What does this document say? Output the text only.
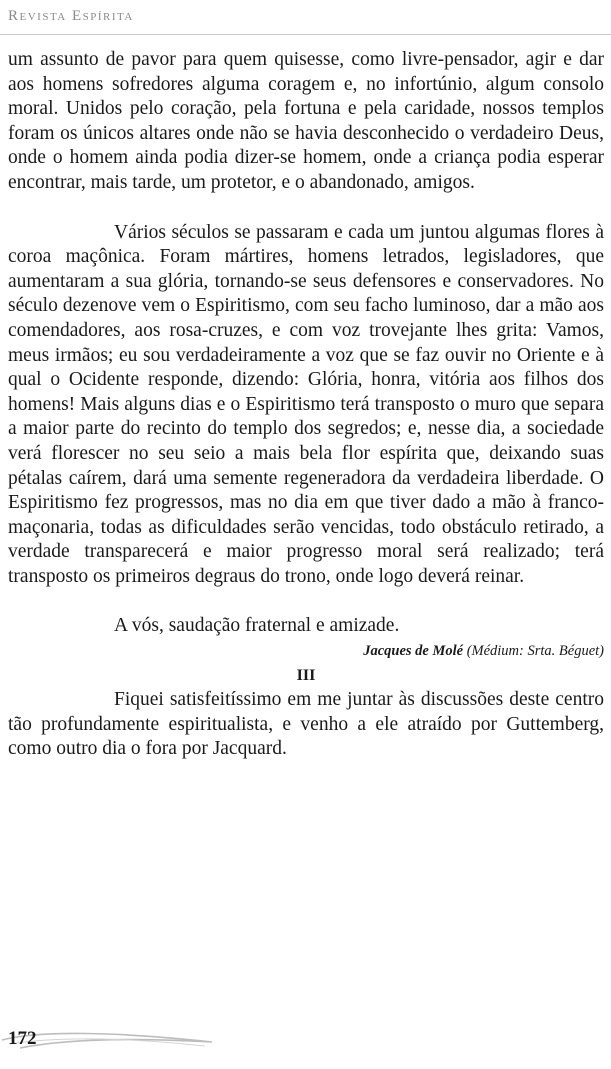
Revista Espírita

um assunto de pavor para quem quisesse, como livre-pensador, agir e dar aos homens sofredores alguma coragem e, no infortúnio, algum consolo moral. Unidos pelo coração, pela fortuna e pela caridade, nossos templos foram os únicos altares onde não se havia desconhecido o verdadeiro Deus, onde o homem ainda podia dizer-se homem, onde a criança podia esperar encontrar, mais tarde, um protetor, e o abandonado, amigos.

Vários séculos se passaram e cada um juntou algumas flores à coroa maçônica. Foram mártires, homens letrados, legisladores, que aumentaram a sua glória, tornando-se seus defensores e conservadores. No século dezenove vem o Espiritismo, com seu facho luminoso, dar a mão aos comendadores, aos rosa-cruzes, e com voz trovejante lhes grita: Vamos, meus irmãos; eu sou verdadeiramente a voz que se faz ouvir no Oriente e à qual o Ocidente responde, dizendo: Glória, honra, vitória aos filhos dos homens! Mais alguns dias e o Espiritismo terá transposto o muro que separa a maior parte do recinto do templo dos segredos; e, nesse dia, a sociedade verá florescer no seu seio a mais bela flor espírita que, deixando suas pétalas caírem, dará uma semente regeneradora da verdadeira liberdade. O Espiritismo fez progressos, mas no dia em que tiver dado a mão à franco-maçonaria, todas as dificuldades serão vencidas, todo obstáculo retirado, a verdade transparecerá e maior progresso moral será realizado; terá transposto os primeiros degraus do trono, onde logo deverá reinar.

A vós, saudação fraternal e amizade.

Jacques de Molé (Médium: Srta. Béguet)

III

Fiquei satisfeitíssimo em me juntar às discussões deste centro tão profundamente espiritualista, e venho a ele atraído por Guttemberg, como outro dia o fora por Jacquard.

172
